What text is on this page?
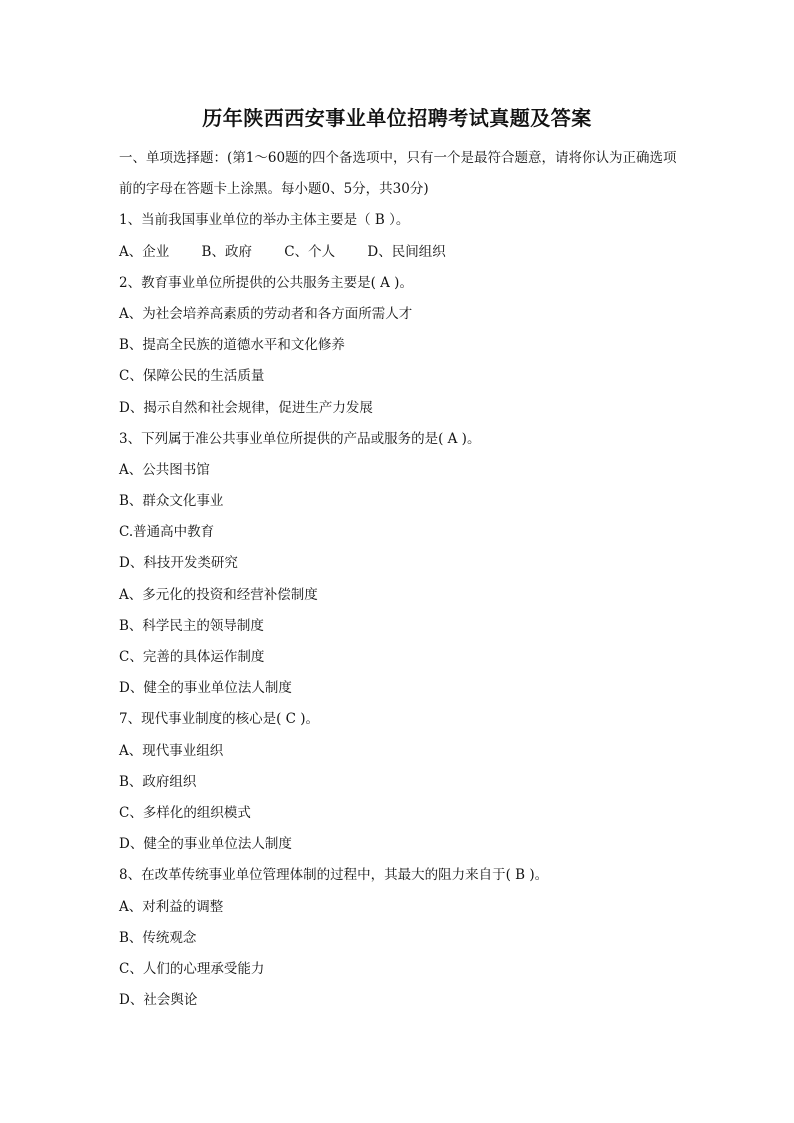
历年陕西西安事业单位招聘考试真题及答案
一、单项选择题：(第1～60题的四个备选项中，只有一个是最符合题意，请将你认为正确选项前的字母在答题卡上涂黑。每小题0、5分，共30分)
1、当前我国事业单位的举办主体主要是（ B ）。
A、企业 B、政府 C、个人 D、民间组织
2、教育事业单位所提供的公共服务主要是( A )。
A、为社会培养高素质的劳动者和各方面所需人才
B、提高全民族的道德水平和文化修养
C、保障公民的生活质量
D、揭示自然和社会规律，促进生产力发展
3、下列属于准公共事业单位所提供的产品或服务的是( A )。
A、公共图书馆
B、群众文化事业
C.普通高中教育
D、科技开发类研究
A、多元化的投资和经营补偿制度
B、科学民主的领导制度
C、完善的具体运作制度
D、健全的事业单位法人制度
7、现代事业制度的核心是( C )。
A、现代事业组织
B、政府组织
C、多样化的组织模式
D、健全的事业单位法人制度
8、在改革传统事业单位管理体制的过程中，其最大的阻力来自于( B )。
A、对利益的调整
B、传统观念
C、人们的心理承受能力
D、社会舆论
